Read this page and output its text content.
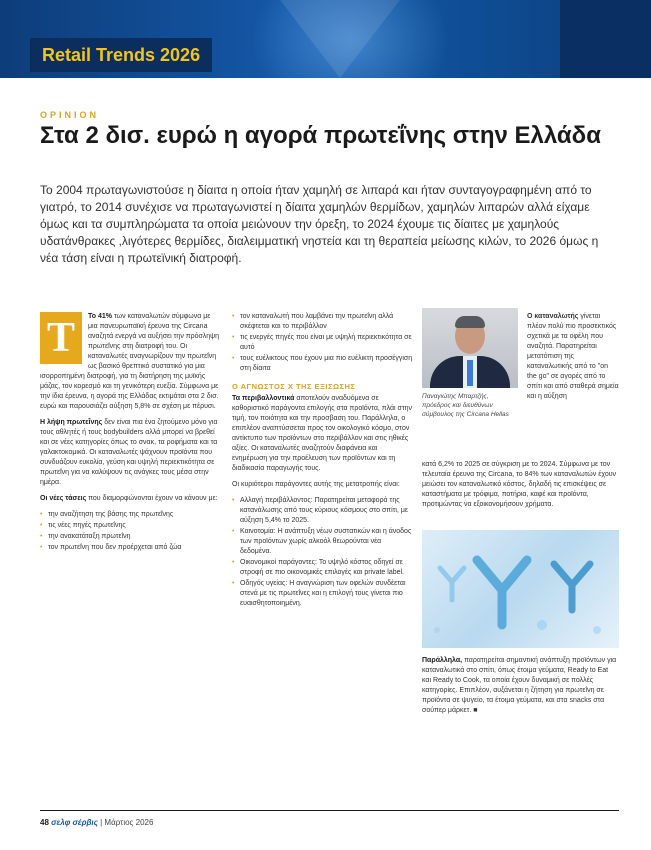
Retail Trends 2026
OPINION
Στα 2 δισ. ευρώ η αγορά πρωτεΐνης στην Ελλάδα

Το 2004 πρωταγωνιστούσε η δίαιτα η οποία ήταν χαμηλή σε λιπαρά και ήταν συνταγογραφημένη από το γιατρό, το 2014 συνέχισε να πρωταγωνιστεί η δίαιτα χαμηλών θερμίδων, χαμηλών λιπαρών αλλά είχαμε όμως και τα συμπληρώματα τα οποία μειώνουν την όρεξη, το 2024 έχουμε τις δίαιτες με χαμηλούς υδατάνθρακες ,λιγότερες θερμίδες, διαλειμματική νηστεία και τη θεραπεία μείωσης κιλών, το 2026 όμως η νέα τάση είναι η πρωτεϊνική διατροφή.

Τ	Το 41% των καταναλωτών σύμφωνα με μια πανευρωπαϊκή έρευνα της Circana αναζητά ενεργά να αυξήσει την πρόσληψη πρωτεΐνης στη διατροφή του. Οι καταναλωτές αναγνωρίζουν την πρωτεΐνη ως βασικό θρεπτικό συστατικό για μια ισορροπημένη διατροφή, για τη διατήρηση της μυϊκής μάζας, τον κορεσμό και τη γενικότερη ευεξία. Σύμφωνα με την ίδια έρευνα, η αγορά της Ελλάδας εκτιμάται στα 2 δισ. ευρώ και παρουσιάζει αύξηση 5,8% σε σχέση με πέρυσι.

Η λήψη πρωτεΐνης δεν είναι πια ένα ζητούμενο μόνο για τους αθλητές ή τους bodybuilders αλλά μπορεί να βρεθεί και σε νέες κατηγορίες όπως το σνακ, τα ροφήματα και τα γαλακτοκομικά. Οι καταναλωτές ψάχνουν προϊόντα που συνδυάζουν ευκολία, γεύση και υψηλή περιεκτικότητα σε πρωτεΐνη για να καλύψουν τις ανάγκες τους μέσα στην ημέρα.

Οι νέες τάσεις που διαμορφώνονται έχουν να κάνουν με:

• την αναζήτηση της βάσης της πρωτεΐνης
• τις νέες πηγές πρωτεΐνης
• την ανακατάταξη πρωτεΐνη
• τον πρωτεΐνη που δεν προέρχεται από ζώα
• τον καταναλωτή που λαμβάνει την πρωτεΐνη αλλά σκέφτεται και το περιβάλλον
• τις ενεργές πηγές που είναι με υψηλή περιεκτικότητα σε αυτό
• τους ευέλικτους που έχουν μια πιο ευέλικτη προσέγγιση στη δίαιτα
Ο ΑΓΝΩΣΤΟΣ Χ ΤΗΣ ΕΞΙΣΩΣΗΣ

Τα περιβαλλοντικά αποτελούν αναδυόμενα σε καθοριστικό παράγοντα επιλογής στα προϊόντα, πλάι στην τιμή, τον ποιότητα και την προσβαση του. Παράλληλα, ο επιπλέον αναπτύσσεται προς τον οικολογικό κόσμο, στον αντίκτυπο των προϊόντων στο περιβάλλον και στις ηθικές αξίες. Οι καταναλωτές αναζητούν διαφάνεια και ενημέρωση για την προέλευση των προϊόντων και τη διαδικασία παραγωγής τους.

Οι κυριότεροι παράγοντες αυτής της μετατροπής είναι:

• Αλλαγή περιβάλλοντος: Παρατηρείται μεταφορά της κατανάλωσης από τους κύριους κόσμους στο σπίτι, με αύξηση 5,4% το 2025.
• Καινοτομία: Η ανάπτυξη νέων συστατικών και η άνοδος των προϊόντων χωρίς αλκοόλ θεωρούνται νέα δεδομένα.
• Οικονομικοί παράγοντες: Το υψηλό κόστος οδηγεί σε στροφή σε πιο οικονομικές επιλογές και private label.
• Οδηγός υγείας: Η αναγνώριση των οφελών συνδέεται στενά με τις πρωτεΐνες και η επιλογή τους γίνεται πιο ευαισθητοποιημένη.

Παναγιώτης Μπαρτζής, πρόεδρος και διευθύνων σύμβουλος της Circana Hellas

Ο καταναλωτής γίνεται πλέον πολύ πιο προσεκτικός σχετικά με τα οφέλη που αναζητά. Παρατηρείται μετατόπιση της καταναλωτικής από το "on the go" σε αγορές από το σπίτι και από σταθερά σημεία και η αύξηση

κατά 6,2% το 2025 σε σύγκριση με το 2024. Σύμφωνα με τον τελευταία έρευνα της Circana, το 84% των καταναλωτών έχουν μειώσει τον καταναλωτικό κόστος, δηλαδή τις επισκέψεις σε καταστήματα με τρόφιμα, ποτήρια, καφέ και προϊόντα, προτιμώντας να εξοικονομήσουν χρήματα.

Παράλληλα, παρατηρείται σημαντική ανάπτυξη προϊόντων για καταναλωτικά στο σπίτι, όπως έτοιμα γεύματα, Ready to Eat και Ready to Cook, τα οποία έχουν δυναμική σε πολλές κατηγορίες. Επιπλέον, αυξάνεται η ζήτηση για πρωτεΐνη σε προϊόντα σε ψυγείο, τα έτοιμα γεύματα, και στα snacks στα σούπερ μάρκετ. ■

48 σελφ σέρβις | Μάρτιος 2026
